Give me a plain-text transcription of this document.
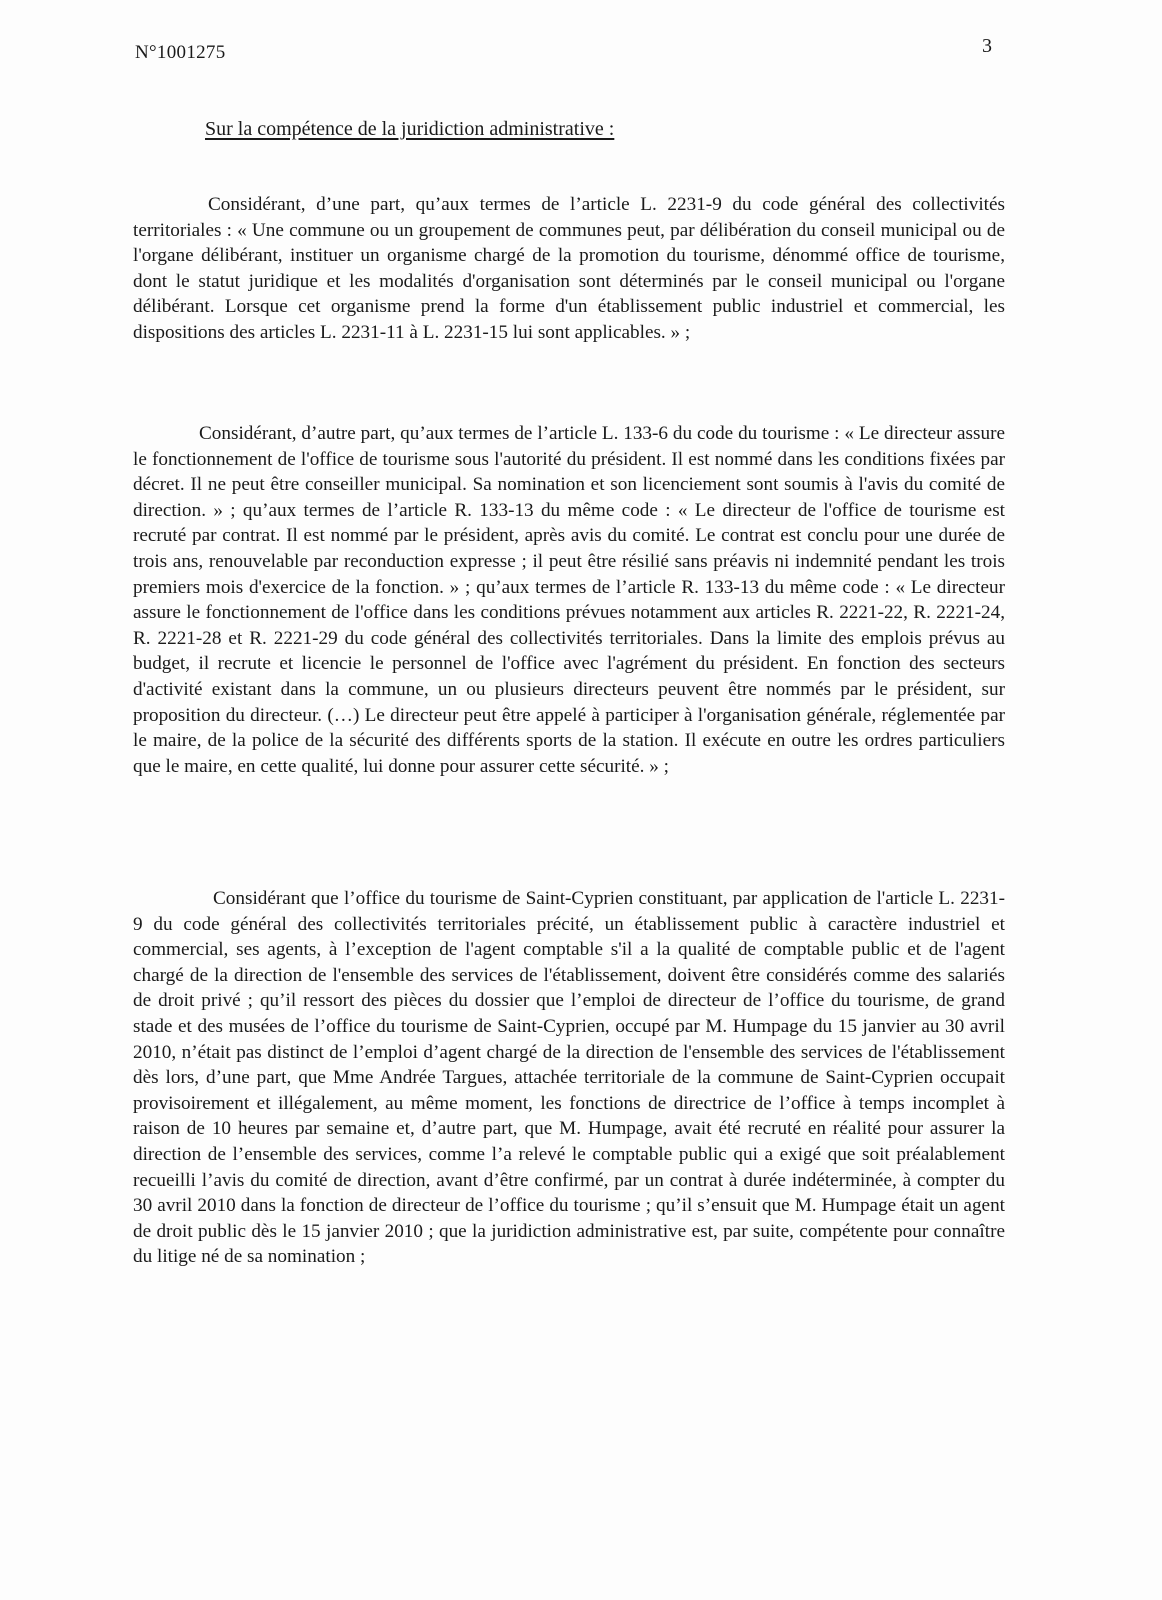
N°1001275	3
Sur la compétence de la juridiction administrative :

Considérant, d’une part, qu’aux termes de l’article L. 2231-9 du code général des collectivités territoriales : « Une commune ou un groupement de communes peut, par délibération du conseil municipal ou de l'organe délibérant, instituer un organisme chargé de la promotion du tourisme, dénommé office de tourisme, dont le statut juridique et les modalités d'organisation sont déterminés par le conseil municipal ou l'organe délibérant. Lorsque cet organisme prend la forme d'un établissement public industriel et commercial, les dispositions des articles L. 2231-11 à L. 2231-15 lui sont applicables. » ;

Considérant, d’autre part, qu’aux termes de l’article L. 133-6 du code du tourisme : « Le directeur assure le fonctionnement de l'office de tourisme sous l'autorité du président. Il est nommé dans les conditions fixées par décret. Il ne peut être conseiller municipal. Sa nomination et son licenciement sont soumis à l'avis du comité de direction. » ; qu’aux termes de l’article R. 133-13 du même code : « Le directeur de l'office de tourisme est recruté par contrat. Il est nommé par le président, après avis du comité. Le contrat est conclu pour une durée de trois ans, renouvelable par reconduction expresse ; il peut être résilié sans préavis ni indemnité pendant les trois premiers mois d'exercice de la fonction. » ; qu’aux termes de l’article R. 133-13 du même code : « Le directeur assure le fonctionnement de l'office dans les conditions prévues notamment aux articles R. 2221-22, R. 2221-24, R. 2221-28 et R. 2221-29 du code général des collectivités territoriales. Dans la limite des emplois prévus au budget, il recrute et licencie le personnel de l'office avec l'agrément du président. En fonction des secteurs d'activité existant dans la commune, un ou plusieurs directeurs peuvent être nommés par le président, sur proposition du directeur. (…) Le directeur peut être appelé à participer à l'organisation générale, réglementée par le maire, de la police de la sécurité des différents sports de la station. Il exécute en outre les ordres particuliers que le maire, en cette qualité, lui donne pour assurer cette sécurité. » ;

Considérant que l’office du tourisme de Saint-Cyprien constituant, par application de l'article L. 2231-9 du code général des collectivités territoriales précité, un établissement public à caractère industriel et commercial, ses agents, à l’exception de l'agent comptable s'il a la qualité de comptable public et de l'agent chargé de la direction de l'ensemble des services de l'établissement, doivent être considérés comme des salariés de droit privé ; qu’il ressort des pièces du dossier que l’emploi de directeur de l’office du tourisme, de grand stade et des musées de l’office du tourisme de Saint-Cyprien, occupé par M. Humpage du 15 janvier au 30 avril 2010, n’était pas distinct de l’emploi d’agent chargé de la direction de l'ensemble des services de l'établissement dès lors, d’une part, que Mme Andrée Targues, attachée territoriale de la commune de Saint-Cyprien occupait provisoirement et illégalement, au même moment, les fonctions de directrice de l’office à temps incomplet à raison de 10 heures par semaine et, d’autre part, que M. Humpage, avait été recruté en réalité pour assurer la direction de l’ensemble des services, comme l’a relevé le comptable public qui a exigé que soit préalablement recueilli l’avis du comité de direction, avant d’être confirmé, par un contrat à durée indéterminée, à compter du 30 avril 2010 dans la fonction de directeur de l’office du tourisme ; qu’il s’ensuit que M. Humpage était un agent de droit public dès le 15 janvier 2010 ; que la juridiction administrative est, par suite, compétente pour connaître du litige né de sa nomination ;
